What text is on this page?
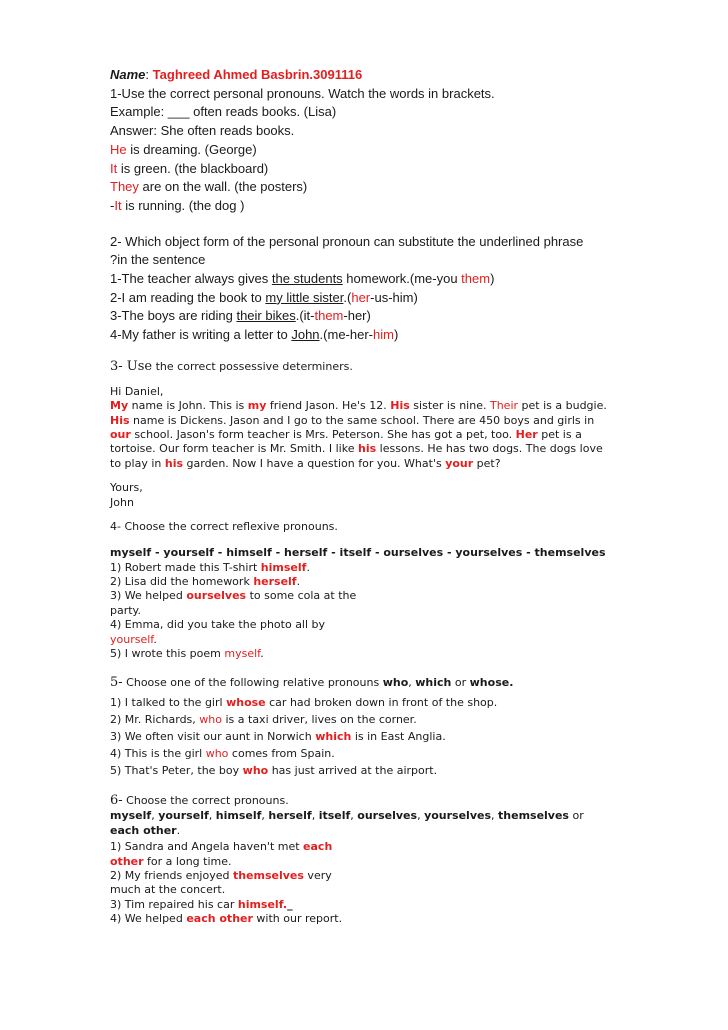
Name: Taghreed Ahmed Basbrin.3091116

1-Use the correct personal pronouns. Watch the words in brackets.

Example: ___ often reads books. (Lisa)

Answer: She often reads books.

He is dreaming. (George)

It is green. (the blackboard)

They are on the wall. (the posters)

-It is running. (the dog )

2- Which object form of the personal pronoun can substitute the underlined phrase

?in the sentence

1-The teacher always gives the students homework.(me-you them)

2-I am reading the book to my little sister.(her-us-him)

3-The boys are riding their bikes.(it-them-her)

4-My father is writing a letter to John.(me-her-him)

3- Use the correct possessive determiners.

Hi Daniel,

My name is John. This is my friend Jason. He's 12. His sister is nine. Their pet is a budgie.

His name is Dickens. Jason and I go to the same school. There are 450 boys and girls in

our school. Jason's form teacher is Mrs. Peterson. She has got a pet, too. Her pet is a

tortoise. Our form teacher is Mr. Smith. I like his lessons. He has two dogs. The dogs love

to play in his garden. Now I have a question for you. What's your pet?

Yours,

John

4- Choose the correct reflexive pronouns.

myself - yourself - himself - herself - itself - ourselves - yourselves - themselves

1) Robert made this T-shirt himself.

2) Lisa did the homework herself.

3) We helped ourselves to some cola at the

party.

4) Emma, did you take the photo all by

yourself.

5) I wrote this poem myself.

5- Choose one of the following relative pronouns who, which or whose.

1) I talked to the girl whose car had broken down in front of the shop.

2) Mr. Richards, who is a taxi driver, lives on the corner.

3) We often visit our aunt in Norwich which is in East Anglia.

4) This is the girl who comes from Spain.

5) That's Peter, the boy who has just arrived at the airport.

6- Choose the correct pronouns.

myself, yourself, himself, herself, itself, ourselves, yourselves, themselves or

each other.

1) Sandra and Angela haven't met each

other for a long time.

2) My friends enjoyed themselves very

much at the concert.

3) Tim repaired his car himself._

4) We helped each other with our report.
